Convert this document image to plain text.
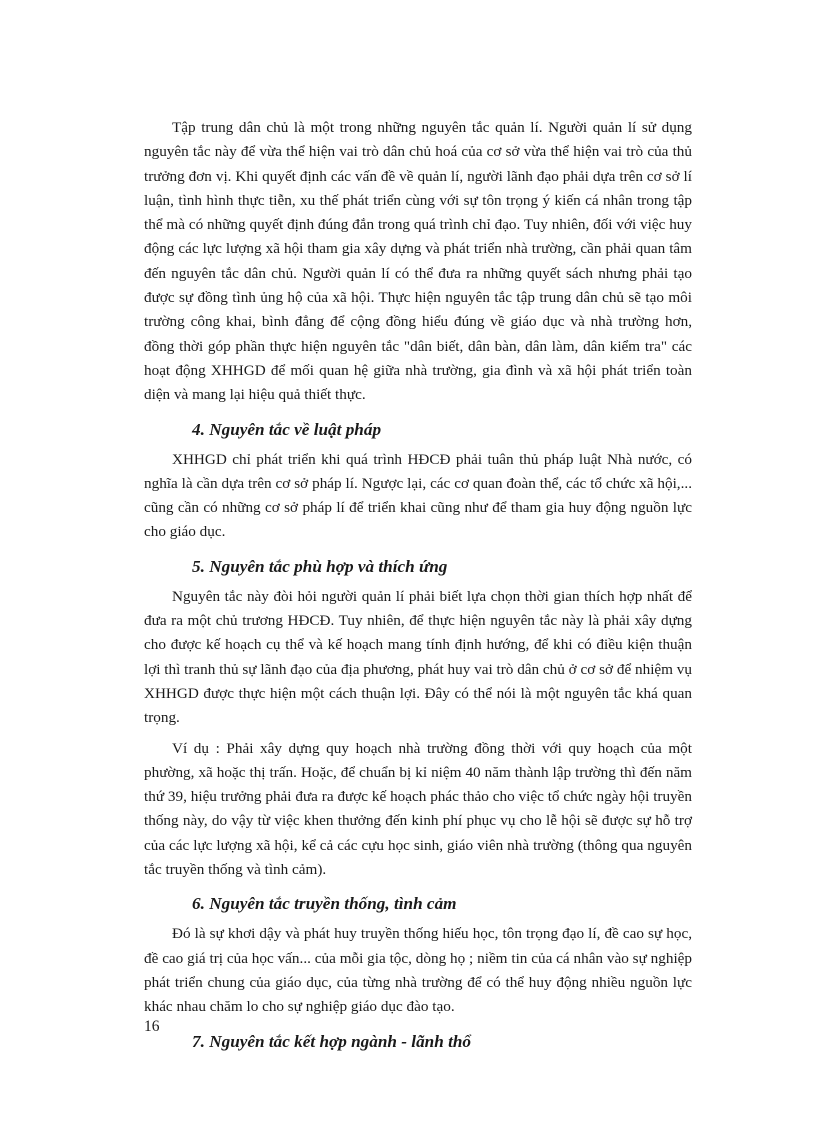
Tập trung dân chủ là một trong những nguyên tắc quản lí. Người quản lí sử dụng nguyên tắc này để vừa thể hiện vai trò dân chủ hoá của cơ sở vừa thể hiện vai trò của thủ trưởng đơn vị. Khi quyết định các vấn đề về quản lí, người lãnh đạo phải dựa trên cơ sở lí luận, tình hình thực tiễn, xu thế phát triển cùng với sự tôn trọng ý kiến cá nhân trong tập thể mà có những quyết định đúng đắn trong quá trình chỉ đạo. Tuy nhiên, đối với việc huy động các lực lượng xã hội tham gia xây dựng và phát triển nhà trường, cần phải quan tâm đến nguyên tắc dân chủ. Người quản lí có thể đưa ra những quyết sách nhưng phải tạo được sự đồng tình ủng hộ của xã hội. Thực hiện nguyên tắc tập trung dân chủ sẽ tạo môi trường công khai, bình đẳng để cộng đồng hiểu đúng về giáo dục và nhà trường hơn, đồng thời góp phần thực hiện nguyên tắc "dân biết, dân bàn, dân làm, dân kiểm tra" các hoạt động XHHGD để mối quan hệ giữa nhà trường, gia đình và xã hội phát triển toàn diện và mang lại hiệu quả thiết thực.

4. Nguyên tắc về luật pháp

XHHGD chỉ phát triển khi quá trình HĐCĐ phải tuân thủ pháp luật Nhà nước, có nghĩa là cần dựa trên cơ sở pháp lí. Ngược lại, các cơ quan đoàn thể, các tổ chức xã hội,... cũng cần có những cơ sở pháp lí để triển khai cũng như để tham gia huy động nguồn lực cho giáo dục.

5. Nguyên tắc phù hợp và thích ứng

Nguyên tắc này đòi hỏi người quản lí phải biết lựa chọn thời gian thích hợp nhất để đưa ra một chủ trương HĐCĐ. Tuy nhiên, để thực hiện nguyên tắc này là phải xây dựng cho được kế hoạch cụ thể và kế hoạch mang tính định hướng, để khi có điều kiện thuận lợi thì tranh thủ sự lãnh đạo của địa phương, phát huy vai trò dân chủ ở cơ sở để nhiệm vụ XHHGD được thực hiện một cách thuận lợi. Đây có thể nói là một nguyên tắc khá quan trọng.

Ví dụ : Phải xây dựng quy hoạch nhà trường đồng thời với quy hoạch của một phường, xã hoặc thị trấn. Hoặc, để chuẩn bị kỉ niệm 40 năm thành lập trường thì đến năm thứ 39, hiệu trưởng phải đưa ra được kế hoạch phác thảo cho việc tổ chức ngày hội truyền thống này, do vậy từ việc khen thưởng đến kinh phí phục vụ cho lễ hội sẽ được sự hỗ trợ của các lực lượng xã hội, kể cả các cựu học sinh, giáo viên nhà trường (thông qua nguyên tắc truyền thống và tình cảm).

6. Nguyên tắc truyền thống, tình cảm

Đó là sự khơi dậy và phát huy truyền thống hiếu học, tôn trọng đạo lí, đề cao sự học, đề cao giá trị của học vấn... của mỗi gia tộc, dòng họ ; niềm tin của cá nhân vào sự nghiệp phát triển chung của giáo dục, của từng nhà trường để có thể huy động nhiều nguồn lực khác nhau chăm lo cho sự nghiệp giáo dục đào tạo.

7. Nguyên tắc kết hợp ngành - lãnh thổ
16
